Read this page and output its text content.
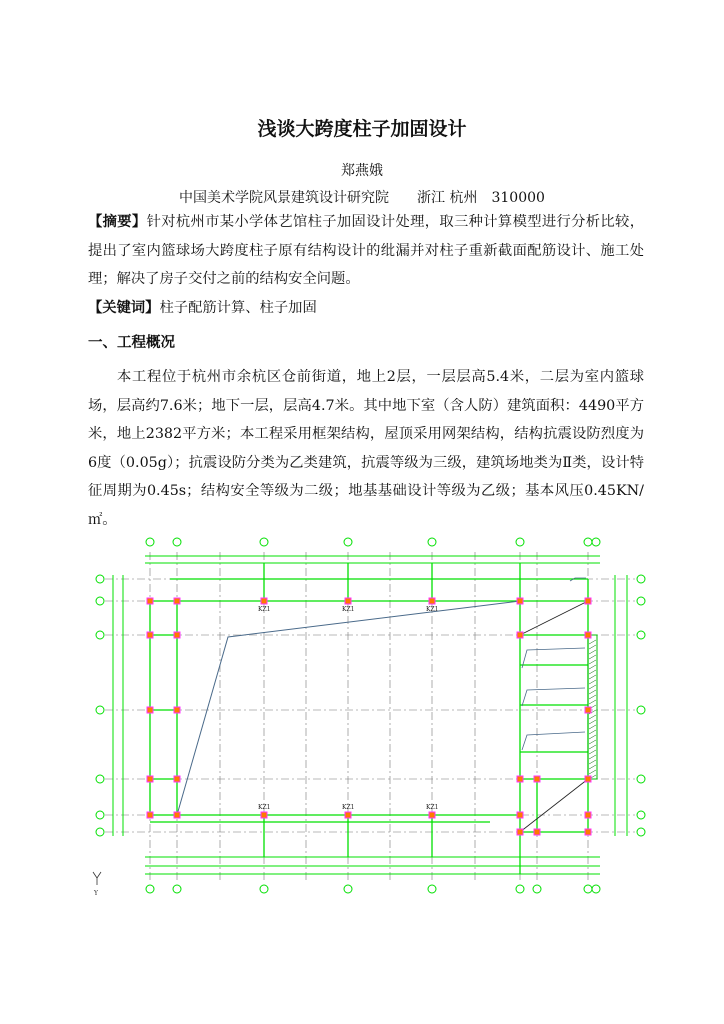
浅谈大跨度柱子加固设计
郑燕娥
中国美术学院风景建筑设计研究院　　浙江 杭州　310000
【摘要】针对杭州市某小学体艺馆柱子加固设计处理，取三种计算模型进行分析比较，提出了室内篮球场大跨度柱子原有结构设计的纰漏并对柱子重新截面配筋设计、施工处理；解决了房子交付之前的结构安全问题。
【关键词】柱子配筋计算、柱子加固
一、工程概况
本工程位于杭州市余杭区仓前街道，地上2层，一层层高5.4米，二层为室内篮球场，层高约7.6米；地下一层，层高4.7米。其中地下室（含人防）建筑面积：4490平方米，地上2382平方米；本工程采用框架结构，屋顶采用网架结构，结构抗震设防烈度为6度（0.05g）；抗震设防分类为乙类建筑，抗震等级为三级，建筑场地类为Ⅱ类，设计特征周期为0.45s；结构安全等级为二级；地基基础设计等级为乙级；基本风压0.45KN/㎡。
KZ1	KZ1	KZ1
KZ1	KZ1	KZ1
Y
